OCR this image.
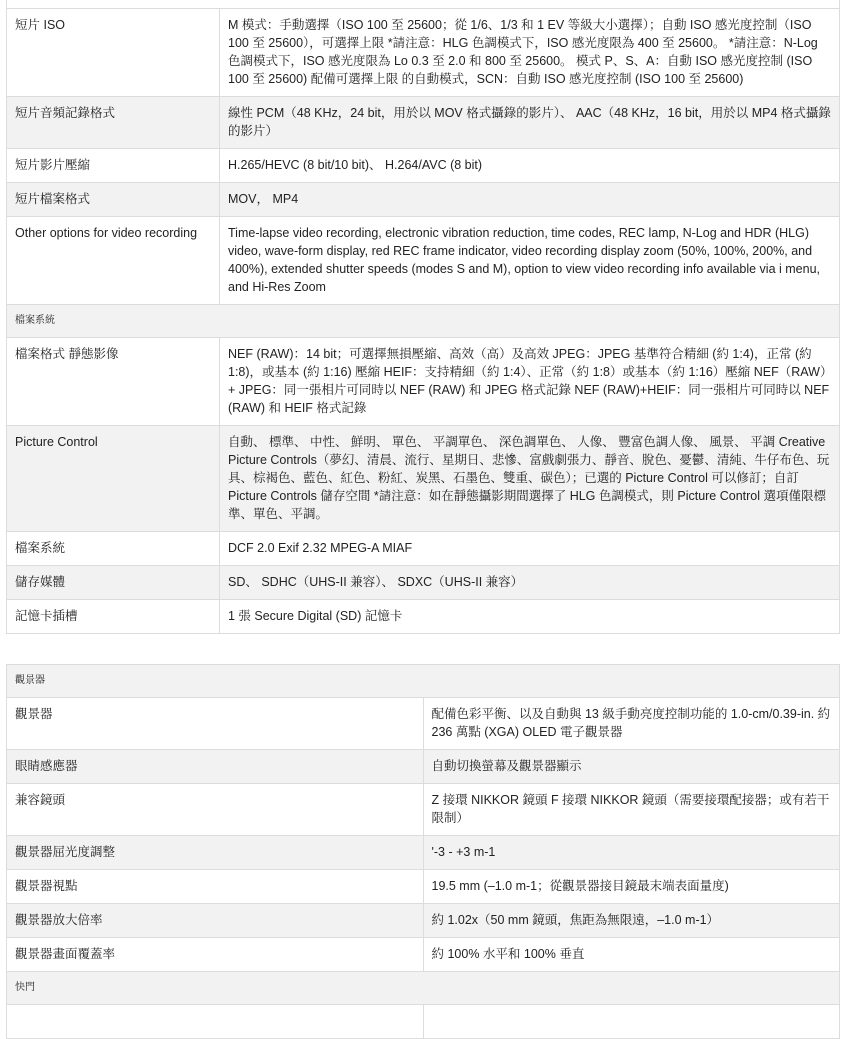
短片 ISO	M 模式：手動選擇（ISO 100 至 25600；從 1/6、1/3 和 1 EV 等級大小選擇）；自動 ISO 感光度控制（ISO 100 至 25600），可選擇上限 *請注意：HLG 色調模式下，ISO 感光度限為 400 至 25600。 *請注意：N-Log 色調模式下，ISO 感光度限為 Lo 0.3 至 2.0 和 800 至 25600。 模式 P、S、A：自動 ISO 感光度控制 (ISO 100 至 25600) 配備可選擇上限 的自動模式，SCN：自動 ISO 感光度控制 (ISO 100 至 25600)
短片音頻記錄格式	線性 PCM（48 KHz，24 bit，用於以 MOV 格式攝錄的影片）、 AAC（48 KHz，16 bit，用於以 MP4 格式攝錄的影片）
短片影片壓縮	H.265/HEVC (8 bit/10 bit)、 H.264/AVC (8 bit)
短片檔案格式	MOV， MP4
Other options for video recording	Time-lapse video recording, electronic vibration reduction, time codes, REC lamp, N-Log and HDR (HLG) video, wave-form display, red REC frame indicator, video recording display zoom (50%, 100%, 200%, and 400%), extended shutter speeds (modes S and M), option to view video recording info available via i menu, and Hi-Res Zoom
檔案系統	
檔案格式 靜態影像	NEF (RAW)：14 bit；可選擇無損壓縮、高效（高）及高效 JPEG：JPEG 基準符合精細 (約 1:4)，正常 (約 1:8)，或基本 (約 1:16) 壓縮 HEIF：支持精細（約 1:4）、正常（約 1:8）或基本（約 1:16）壓縮 NEF（RAW）+ JPEG：同一張相片可同時以 NEF (RAW) 和 JPEG 格式記錄 NEF (RAW)+HEIF：同一張相片可同時以 NEF (RAW) 和 HEIF 格式記錄
Picture Control	自動、 標準、 中性、 鮮明、 單色、 平調單色、 深色調單色、 人像、 豐富色調人像、 風景、 平調 Creative Picture Controls（夢幻、清晨、流行、星期日、悲慘、富戲劇張力、靜音、脫色、憂鬱、清純、牛仔布色、玩具、棕褐色、藍色、紅色、粉紅、炭黑、石墨色、雙重、碳色）；已選的 Picture Control 可以修訂；自訂 Picture Controls 儲存空間 *請注意：如在靜態攝影期間選擇了 HLG 色調模式，則 Picture Control 選項僅限標準、單色、平調。
檔案系統	DCF 2.0 Exif 2.32 MPEG-A MIAF
儲存媒體	SD、 SDHC（UHS-II 兼容）、 SDXC（UHS-II 兼容）
記憶卡插槽	1 張 Secure Digital (SD) 記憶卡
觀景器	
觀景器	配備色彩平衡、以及自動與 13 級手動亮度控制功能的 1.0-cm/0.39-in. 約 236 萬點 (XGA) OLED 電子觀景器
眼睛感應器	自動切換螢幕及觀景器顯示
兼容鏡頭	Z 接環 NIKKOR 鏡頭 F 接環 NIKKOR 鏡頭（需要接環配接器；或有若干限制）
觀景器屈光度調整	'-3 - +3 m-1
觀景器視點	19.5 mm (–1.0 m-1；從觀景器接目鏡最末端表面量度)
觀景器放大倍率	約 1.02x（50 mm 鏡頭，焦距為無限遠，–1.0 m-1）
觀景器畫面覆蓋率	約 100% 水平和 100% 垂直
快門	
